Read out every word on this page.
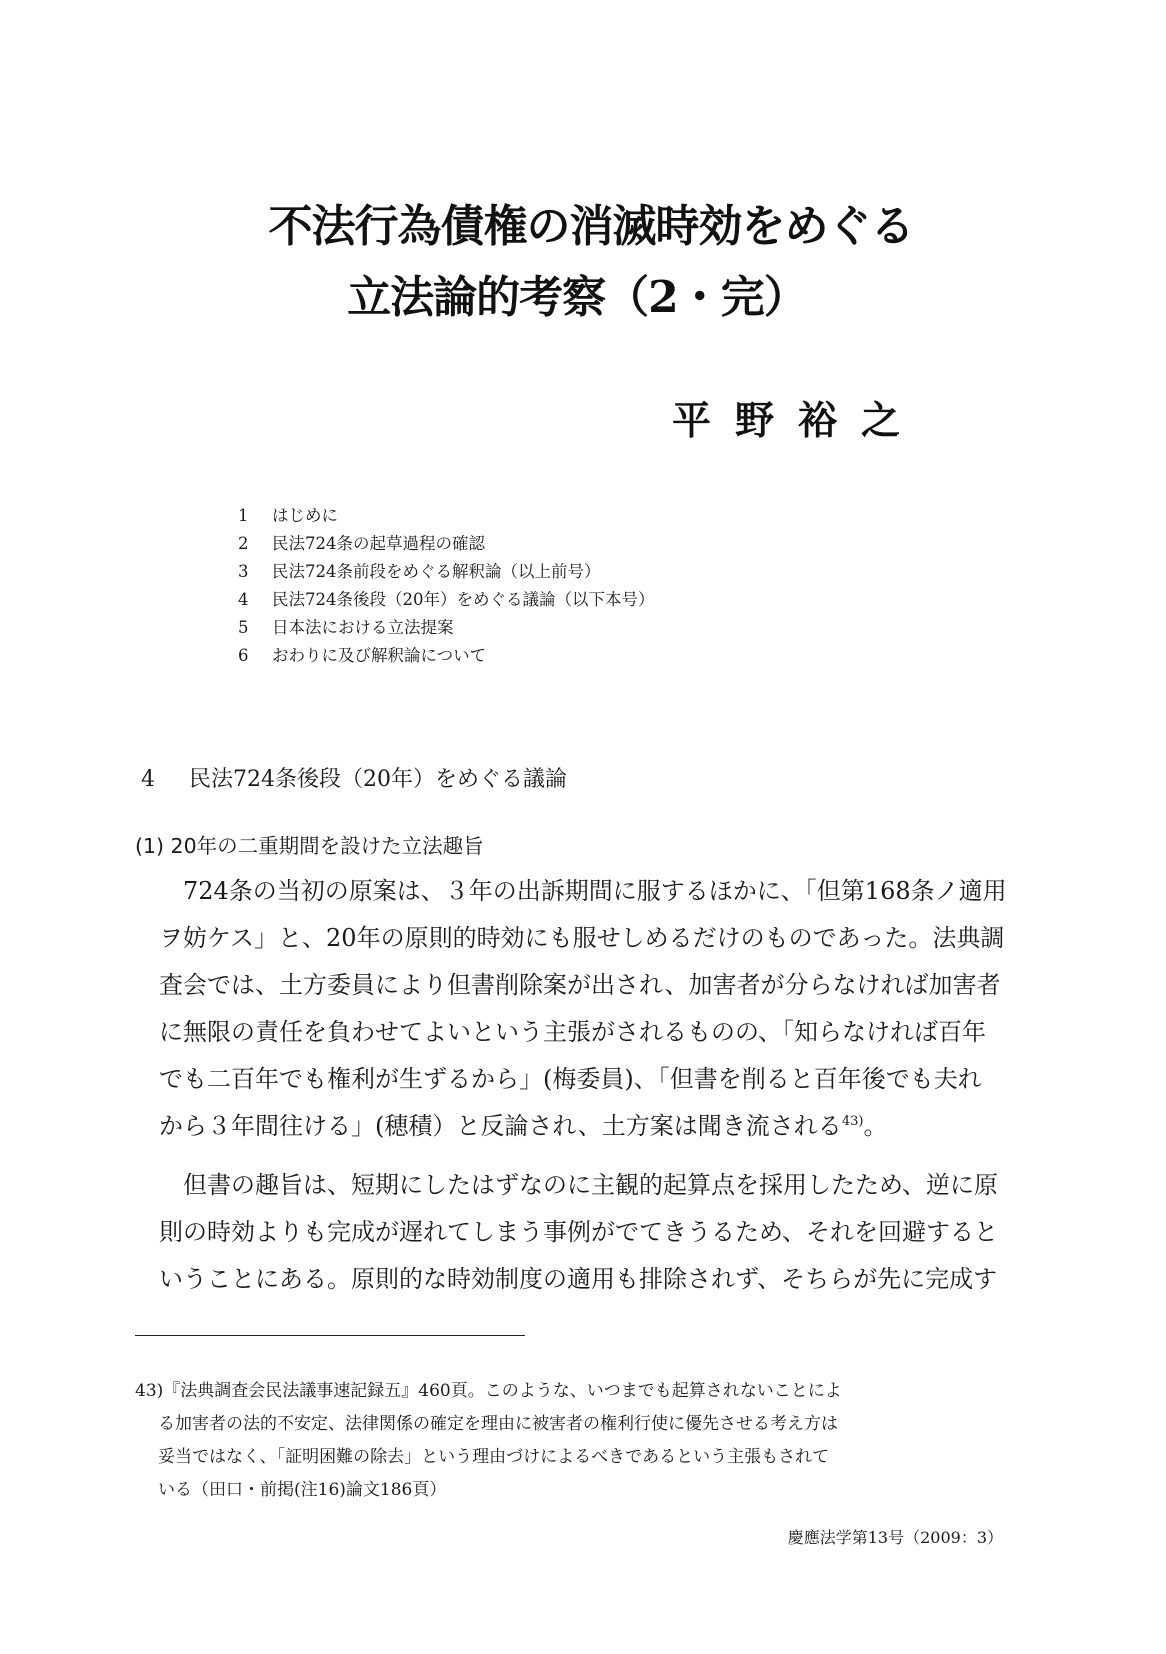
不法行為債権の消滅時効をめぐる
立法論的考察（2・完）
平野裕之
1 はじめに
2 民法724条の起草過程の確認
3 民法724条前段をめぐる解釈論（以上前号）
4 民法724条後段（20年）をめぐる議論（以下本号）
5 日本法における立法提案
6 おわりに及び解釈論について
4 民法724条後段（20年）をめぐる議論
(1) 20年の二重期間を設けた立法趣旨
724条の当初の原案は、３年の出訴期間に服するほかに、「但第168条ノ適用
ヲ妨ケス」と、20年の原則的時効にも服せしめるだけのものであった。法典調
査会では、土方委員により但書削除案が出され、加害者が分らなければ加害者
に無限の責任を負わせてよいという主張がされるものの、「知らなければ百年
でも二百年でも権利が生ずるから」(梅委員)、「但書を削ると百年後でも夫れ
から３年間往ける」(穂積）と反論され、土方案は聞き流される$^{43)}$。
但書の趣旨は、短期にしたはずなのに主観的起算点を採用したため、逆に原
則の時効よりも完成が遅れてしまう事例がでてきうるため、それを回避すると
いうことにある。原則的な時効制度の適用も排除されず、そちらが先に完成す
43)『法典調査会民法議事速記録五』460頁。このような、いつまでも起算されないことによ
る加害者の法的不安定、法律関係の確定を理由に被害者の権利行使に優先させる考え方は
妥当ではなく、「証明困難の除去」という理由づけによるべきであるという主張もされて
いる（田口・前掲(注16)論文186頁）
慶應法学第13号（2009：3）
